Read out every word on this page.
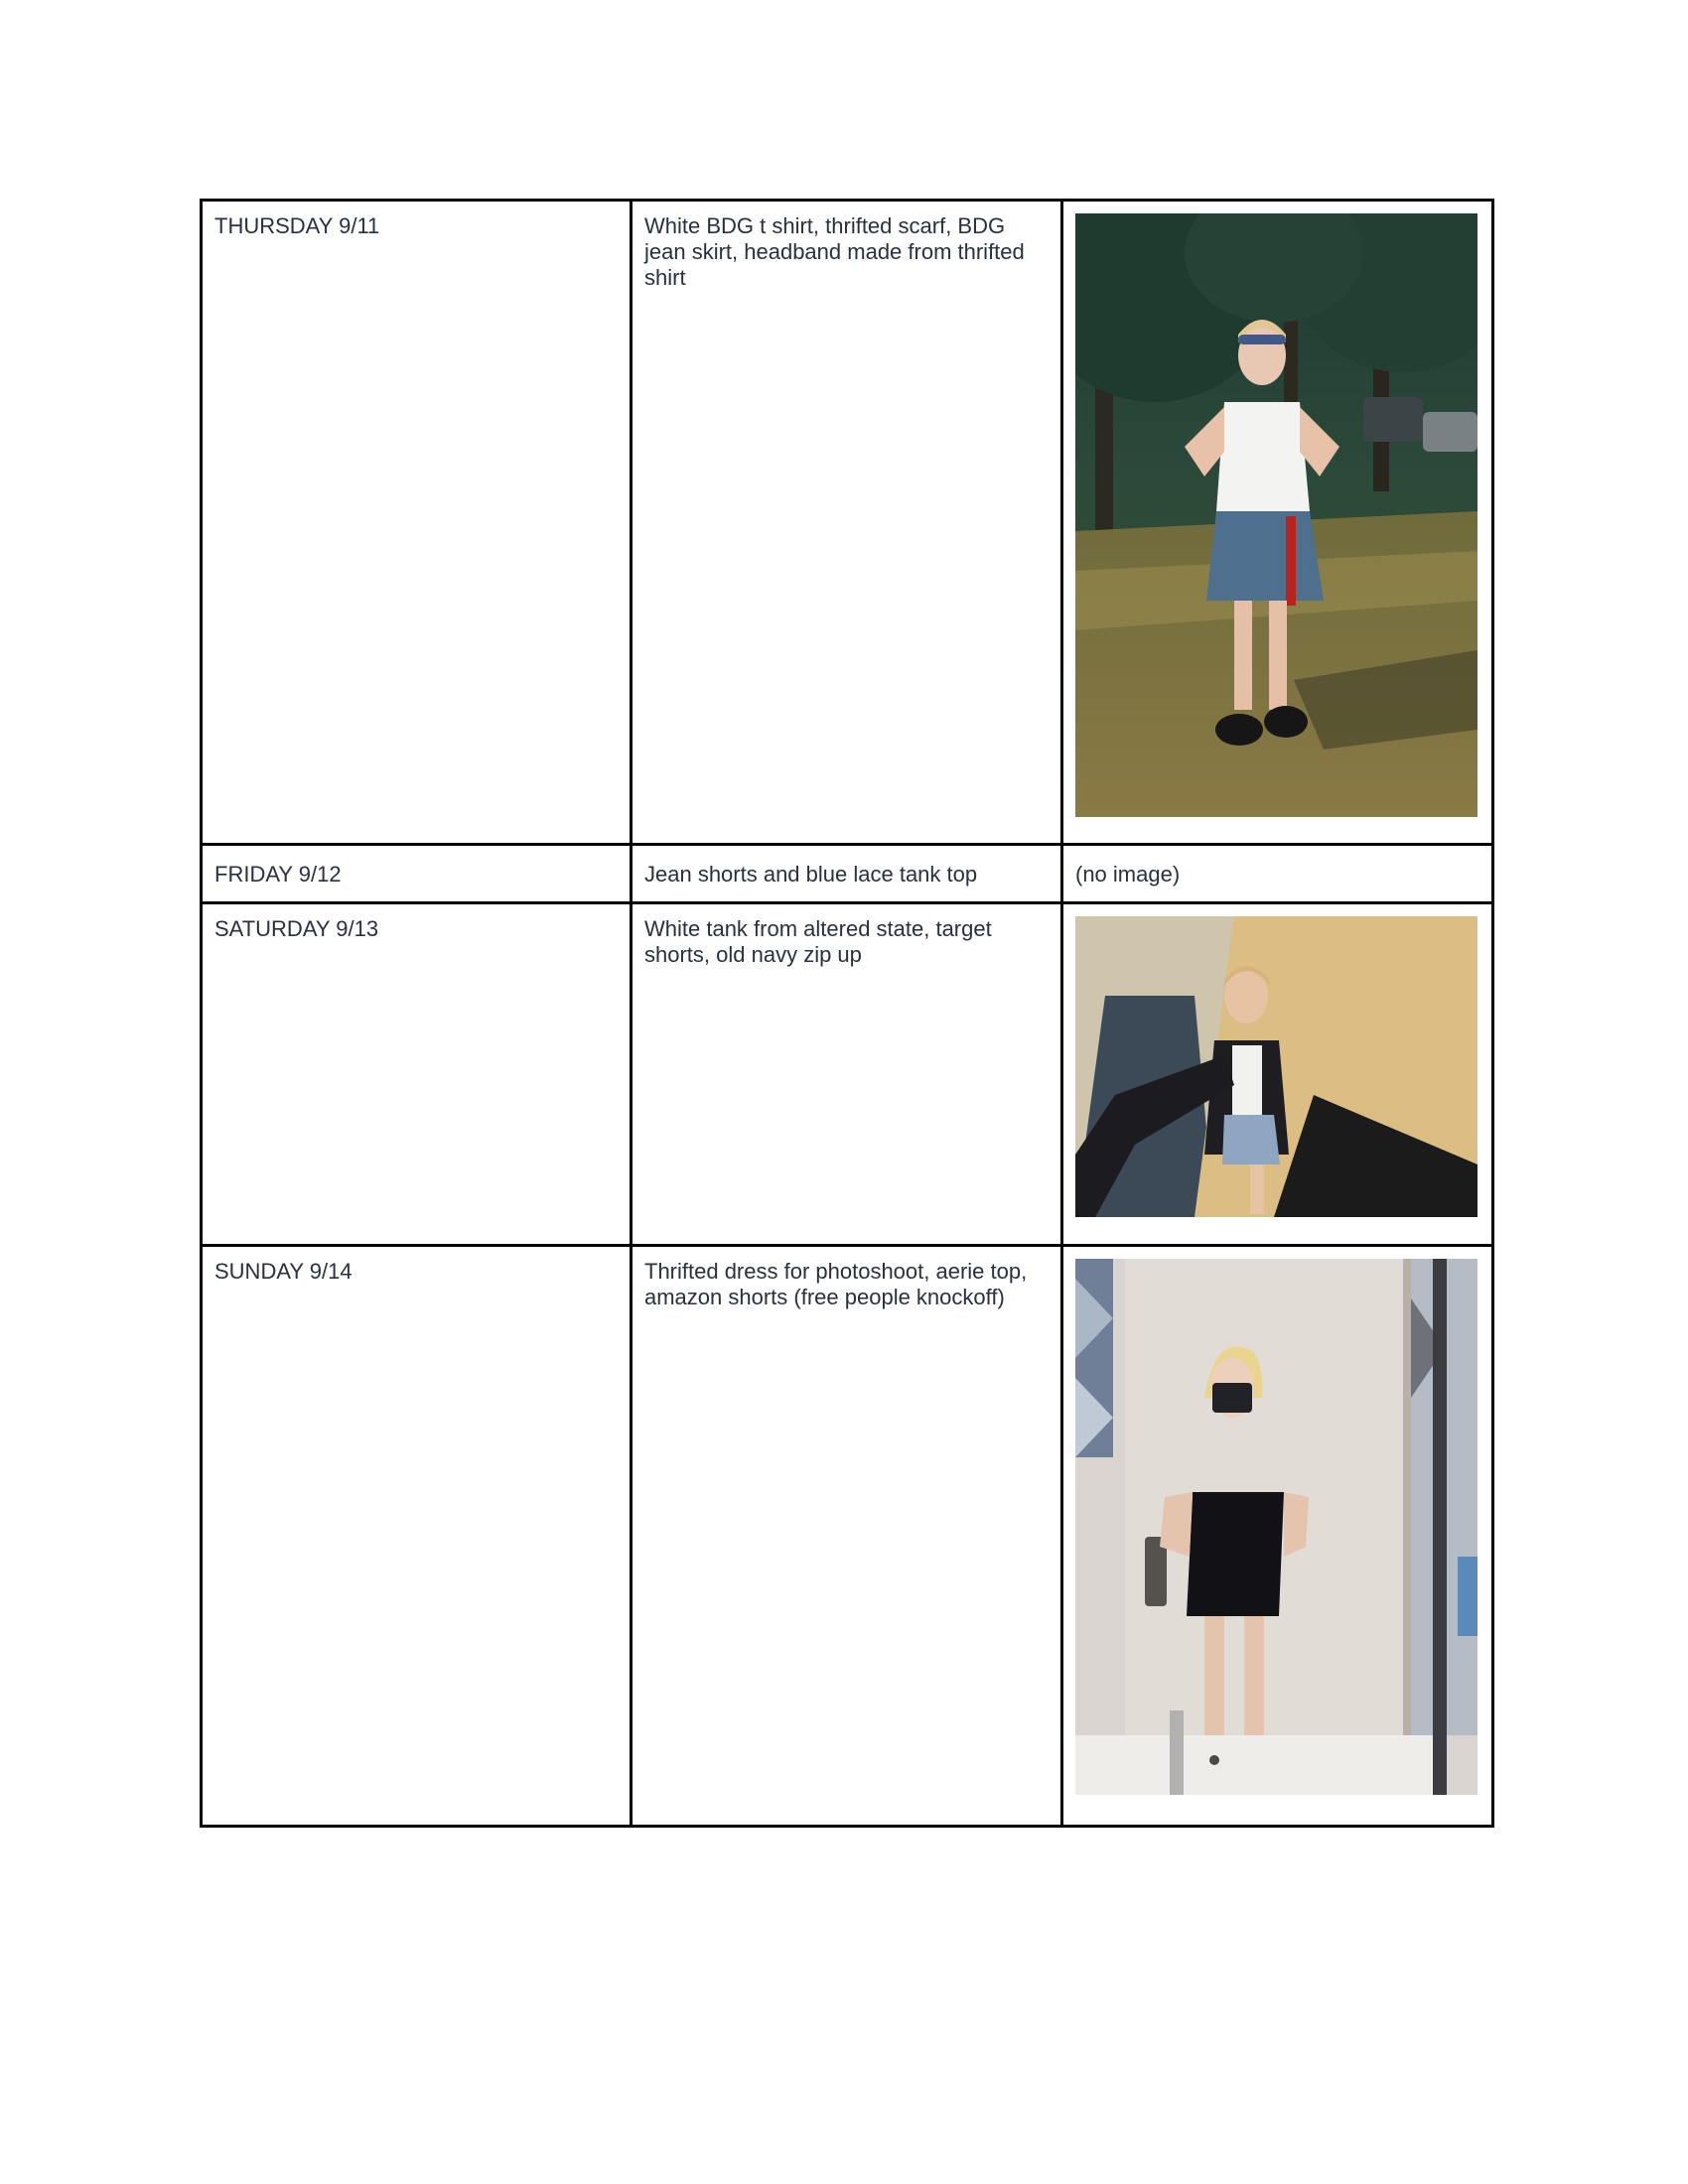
THURSDAY 9/11	White BDG t shirt, thrifted scarf, BDG jean skirt, headband made from thrifted shirt	

FRIDAY 9/12	Jean shorts and blue lace tank top	(no image)
SATURDAY 9/13	White tank from altered state, target shorts, old navy zip up	

SUNDAY 9/14	Thrifted dress for photoshoot, aerie top, amazon shorts (free people knockoff)	
